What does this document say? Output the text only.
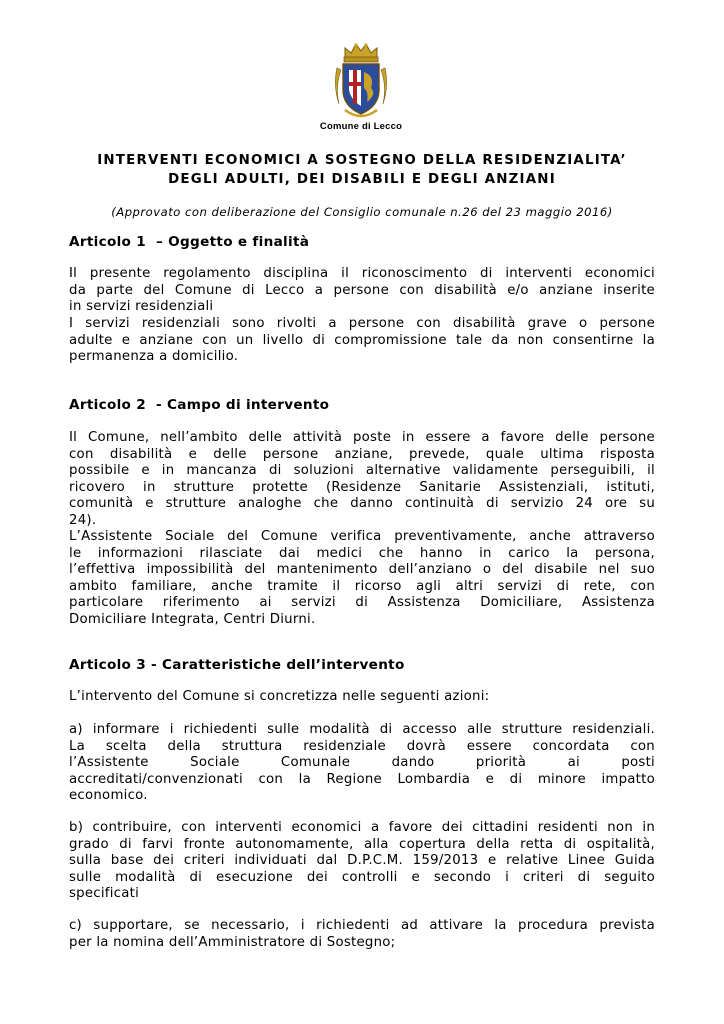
Comune di Lecco
INTERVENTI ECONOMICI A SOSTEGNO DELLA RESIDENZIALITA’
DEGLI ADULTI, DEI DISABILI E DEGLI ANZIANI
(Approvato con deliberazione del Consiglio comunale n.26 del 23 maggio 2016)
Articolo 1  – Oggetto e finalità
Il presente regolamento disciplina il riconoscimento di interventi economici
da parte del Comune di Lecco a persone con disabilità e/o anziane inserite
in servizi residenziali
I servizi residenziali sono rivolti a persone con disabilità grave o persone
adulte e anziane con un livello di compromissione tale da non consentirne la
permanenza a domicilio.
Articolo 2  - Campo di intervento
Il Comune, nell’ambito delle attività poste in essere a favore delle persone
con disabilità e delle persone anziane, prevede, quale ultima risposta
possibile e in mancanza di soluzioni alternative validamente perseguibili, il
ricovero in strutture protette (Residenze Sanitarie Assistenziali, istituti,
comunità e strutture analoghe che danno continuità di servizio 24 ore su
24).
L’Assistente Sociale del Comune verifica preventivamente, anche attraverso
le informazioni rilasciate dai medici che hanno in carico la persona,
l’effettiva impossibilità del mantenimento dell’anziano o del disabile nel suo
ambito familiare, anche tramite il ricorso agli altri servizi di rete, con
particolare riferimento ai servizi di Assistenza Domiciliare, Assistenza
Domiciliare Integrata, Centri Diurni.
Articolo 3 - Caratteristiche dell’intervento
L’intervento del Comune si concretizza nelle seguenti azioni:
a) informare i richiedenti sulle modalità di accesso alle strutture residenziali.
La scelta della struttura residenziale dovrà essere concordata con
l’Assistente Sociale Comunale dando priorità ai posti
accreditati/convenzionati con la Regione Lombardia e di minore impatto
economico.
b) contribuire, con interventi economici a favore dei cittadini residenti non in
grado di farvi fronte autonomamente, alla copertura della retta di ospitalità,
sulla base dei criteri individuati dal D.P.C.M. 159/2013 e relative Linee Guida
sulle modalità di esecuzione dei controlli e secondo i criteri di seguito
specificati
c) supportare, se necessario, i richiedenti ad attivare la procedura prevista
per la nomina dell’Amministratore di Sostegno;
